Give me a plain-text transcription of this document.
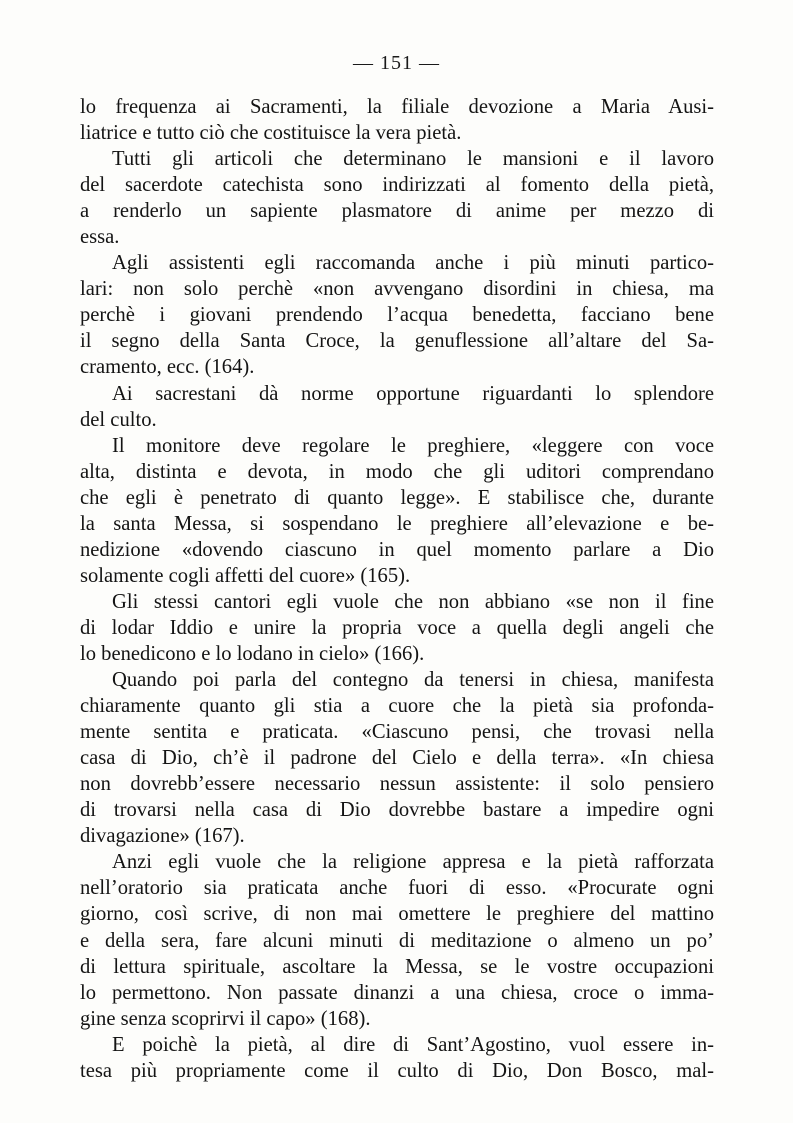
— 151 —
lo frequenza ai Sacramenti, la filiale devozione a Maria Ausi-
liatrice e tutto ciò che costituisce la vera pietà.
Tutti gli articoli che determinano le mansioni e il lavoro
del sacerdote catechista sono indirizzati al fomento della pietà,
a renderlo un sapiente plasmatore di anime per mezzo di
essa.
Agli assistenti egli raccomanda anche i più minuti partico-
lari: non solo perchè «non avvengano disordini in chiesa, ma
perchè i giovani prendendo l’acqua benedetta, facciano bene
il segno della Santa Croce, la genuflessione all’altare del Sa-
cramento, ecc. (164).
Ai sacrestani dà norme opportune riguardanti lo splendore
del culto.
Il monitore deve regolare le preghiere, «leggere con voce
alta, distinta e devota, in modo che gli uditori comprendano
che egli è penetrato di quanto legge». E stabilisce che, durante
la santa Messa, si sospendano le preghiere all’elevazione e be-
nedizione «dovendo ciascuno in quel momento parlare a Dio
solamente cogli affetti del cuore» (165).
Gli stessi cantori egli vuole che non abbiano «se non il fine
di lodar Iddio e unire la propria voce a quella degli angeli che
lo benedicono e lo lodano in cielo» (166).
Quando poi parla del contegno da tenersi in chiesa, manifesta
chiaramente quanto gli stia a cuore che la pietà sia profonda-
mente sentita e praticata. «Ciascuno pensi, che trovasi nella
casa di Dio, ch’è il padrone del Cielo e della terra». «In chiesa
non dovrebb’essere necessario nessun assistente: il solo pensiero
di trovarsi nella casa di Dio dovrebbe bastare a impedire ogni
divagazione» (167).
Anzi egli vuole che la religione appresa e la pietà rafforzata
nell’oratorio sia praticata anche fuori di esso. «Procurate ogni
giorno, così scrive, di non mai omettere le preghiere del mattino
e della sera, fare alcuni minuti di meditazione o almeno un po’
di lettura spirituale, ascoltare la Messa, se le vostre occupazioni
lo permettono. Non passate dinanzi a una chiesa, croce o imma-
gine senza scoprirvi il capo» (168).
E poichè la pietà, al dire di Sant’Agostino, vuol essere in-
tesa più propriamente come il culto di Dio, Don Bosco, mal-
